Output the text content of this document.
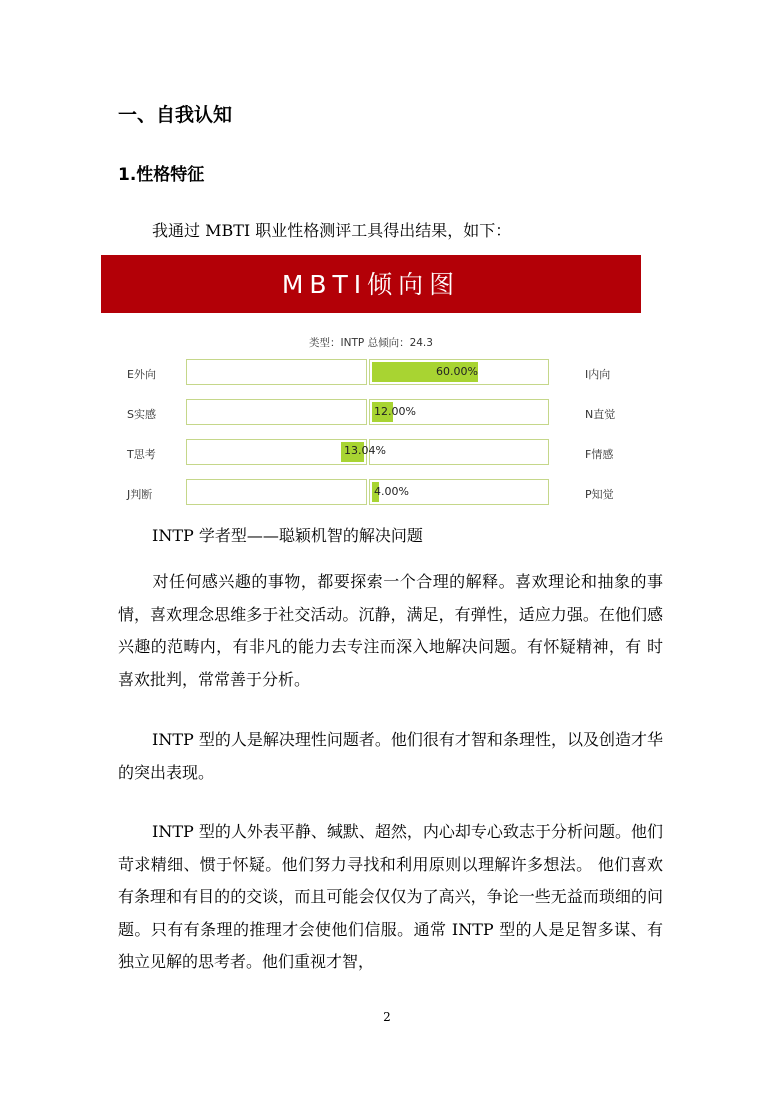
一、自我认知
1.性格特征
我通过 MBTI 职业性格测评工具得出结果，如下：
MBTI倾向图
类型：INTP 总倾向：24.3
E外向	60.00%	I内向
S实感	12.00%	N直觉
T思考	13.04%	F情感
J判断	4.00%	P知觉
INTP 学者型——聪颖机智的解决问题
对任何感兴趣的事物，都要探索一个合理的解释。喜欢理论和抽象的事情，喜欢理念思维多于社交活动。沉静，满足，有弹性，适应力强。在他们感兴趣的范畴内，有非凡的能力去专注而深入地解决问题。有怀疑精神，有 时喜欢批判，常常善于分析。
INTP 型的人是解决理性问题者。他们很有才智和条理性，以及创造才华的突出表现。
INTP 型的人外表平静、缄默、超然，内心却专心致志于分析问题。他们苛求精细、惯于怀疑。他们努力寻找和利用原则以理解许多想法。 他们喜欢有条理和有目的的交谈，而且可能会仅仅为了高兴，争论一些无益而琐细的问题。只有有条理的推理才会使他们信服。通常 INTP 型的人是足智多谋、有独立见解的思考者。他们重视才智，
2
